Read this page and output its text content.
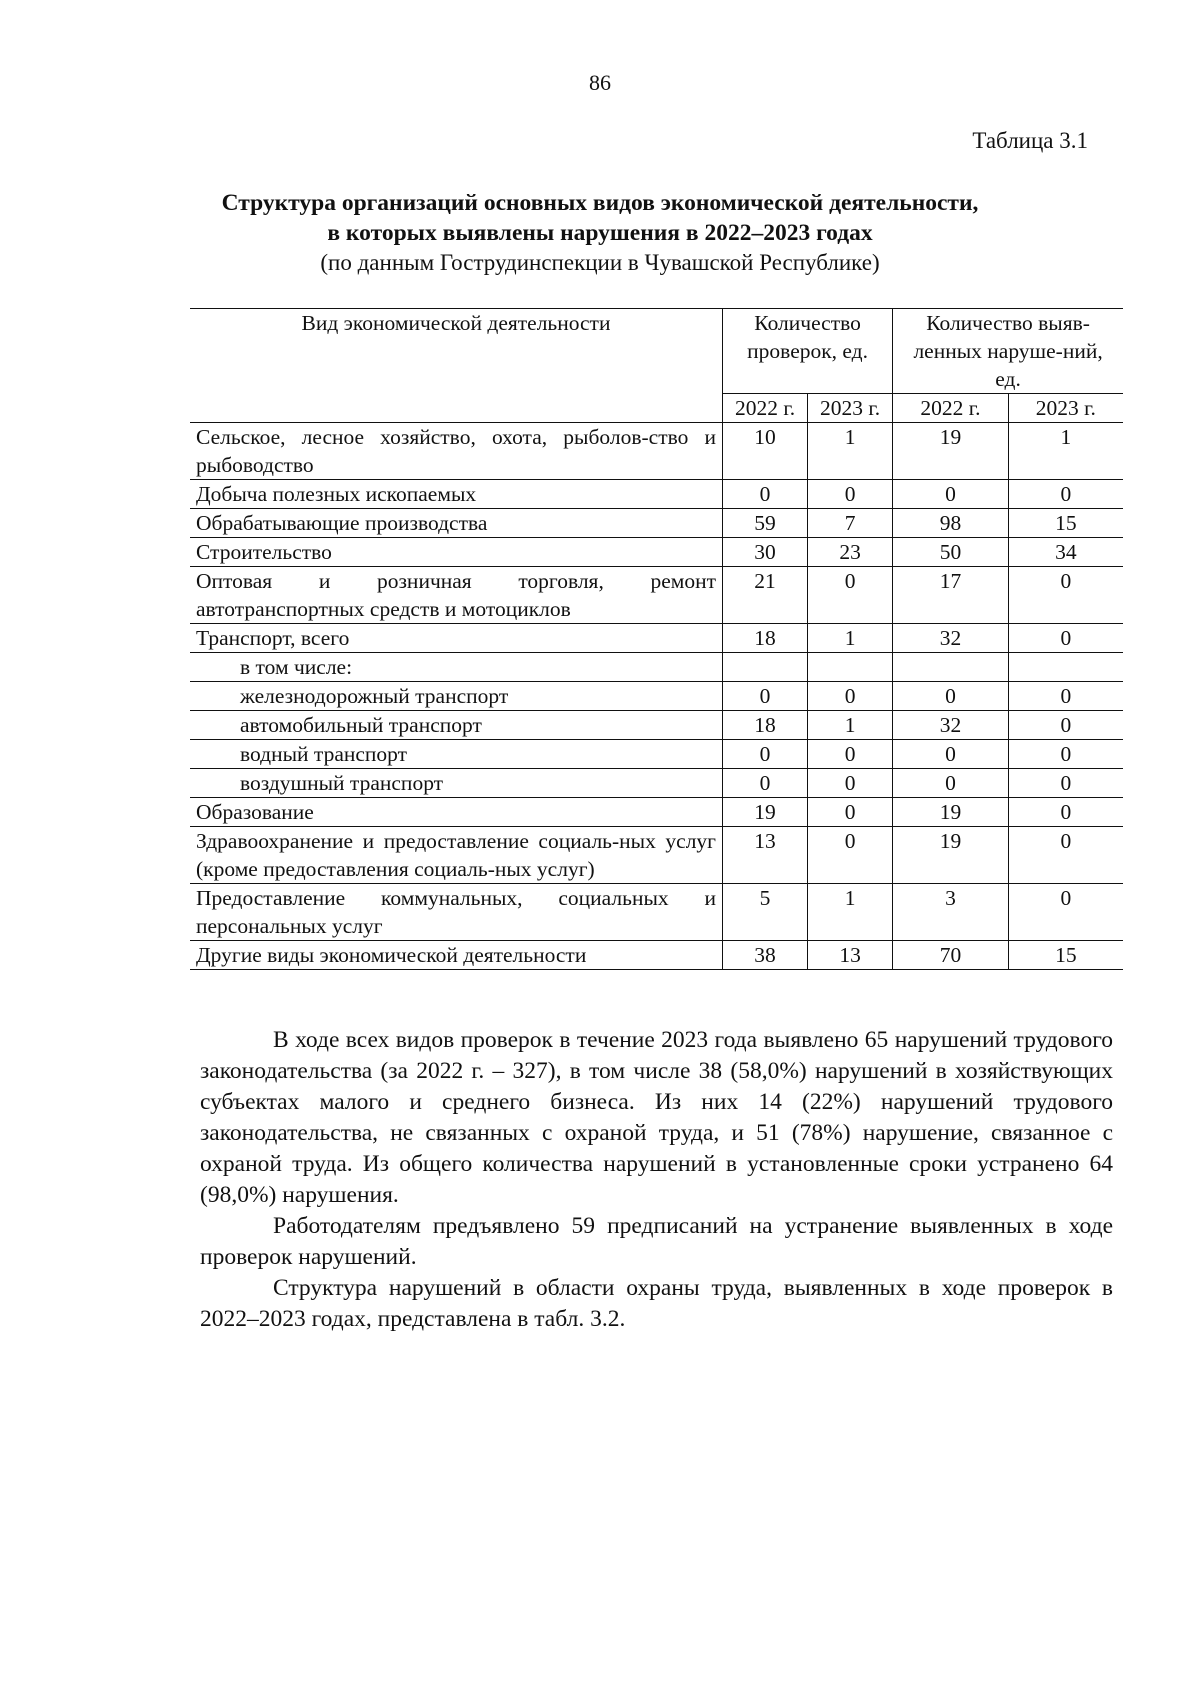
86
Таблица 3.1
Структура организаций основных видов экономической деятельности,
в которых выявлены нарушения в 2022–2023 годах
(по данным Гострудинспекции в Чувашской Республике)
Вид экономической деятельности	Количество проверок, ед.		Количество выяв-ленных наруше-ний, ед.	
	2022 г.	2023 г.	2022 г.	2023 г.
Сельское, лесное хозяйство, охота, рыболов-ство и рыбоводство	10	1	19	1
Добыча полезных ископаемых	0	0	0	0
Обрабатывающие производства	59	7	98	15
Строительство	30	23	50	34
Оптовая и розничная торговля, ремонт автотранспортных средств и мотоциклов	21	0	17	0
Транспорт, всего	18	1	32	0
в том числе:				
железнодорожный транспорт	0	0	0	0
автомобильный транспорт	18	1	32	0
водный транспорт	0	0	0	0
воздушный транспорт	0	0	0	0
Образование	19	0	19	0
Здравоохранение и предоставление социаль-ных услуг (кроме предоставления социаль-ных услуг)	13	0	19	0
Предоставление коммунальных, социальных и персональных услуг	5	1	3	0
Другие виды экономической деятельности	38	13	70	15

В ходе всех видов проверок в течение 2023 года выявлено 65 нарушений трудового законодательства (за 2022 г. – 327), в том числе 38 (58,0%) нарушений в хозяйствующих субъектах малого и среднего бизнеса. Из них 14 (22%) нарушений трудового законодательства, не связанных с охраной труда, и 51 (78%) нарушение, связанное с охраной труда. Из общего количества нарушений в установленные сроки устранено 64 (98,0%) нарушения.

Работодателям предъявлено 59 предписаний на устранение выявленных в ходе проверок нарушений.

Структура нарушений в области охраны труда, выявленных в ходе проверок в 2022–2023 годах, представлена в табл. 3.2.
